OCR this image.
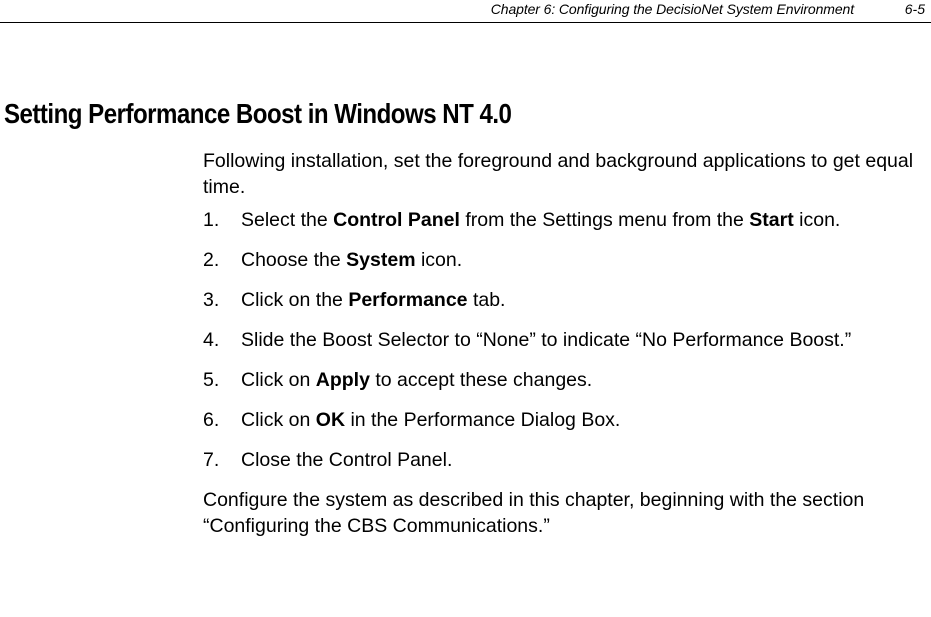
Chapter 6: Configuring the DecisioNet System Environment	6-5
Setting Performance Boost in Windows NT 4.0

Following installation, set the foreground and background applications to get equal time.

1. Select the Control Panel from the Settings menu from the Start icon.
2. Choose the System icon.
3. Click on the Performance tab.
4. Slide the Boost Selector to “None” to indicate “No Performance Boost.”
5. Click on Apply to accept these changes.
6. Click on OK in the Performance Dialog Box.
7. Close the Control Panel.

Configure the system as described in this chapter, beginning with the section “Configuring the CBS Communications.”
